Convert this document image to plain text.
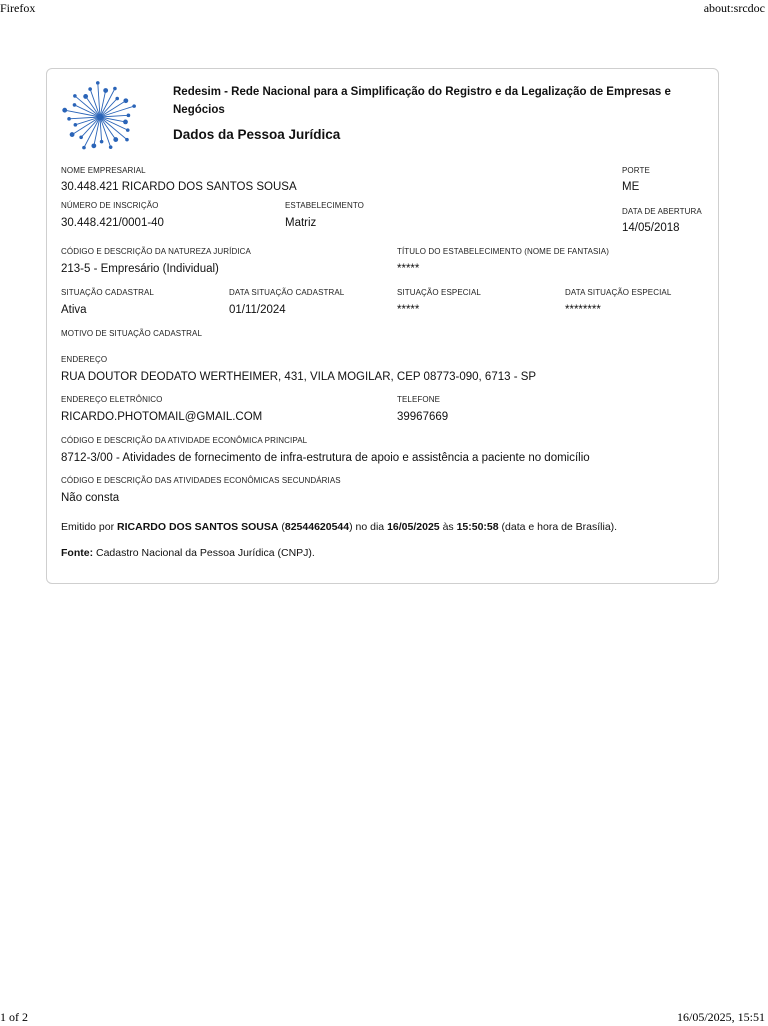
Firefox	about:srcdoc
Redesim - Rede Nacional para a Simplificação do Registro e da Legalização de Empresas e Negócios
Dados da Pessoa Jurídica
NOME EMPRESARIAL
30.448.421 RICARDO DOS SANTOS SOUSA
PORTE
ME
NÚMERO DE INSCRIÇÃO
30.448.421/0001-40
ESTABELECIMENTO
Matriz
DATA DE ABERTURA
14/05/2018
CÓDIGO E DESCRIÇÃO DA NATUREZA JURÍDICA
213-5 - Empresário (Individual)
TÍTULO DO ESTABELECIMENTO (NOME DE FANTASIA)
*****
SITUAÇÃO CADASTRAL
Ativa
DATA SITUAÇÃO CADASTRAL
01/11/2024
SITUAÇÃO ESPECIAL
*****
DATA SITUAÇÃO ESPECIAL
********
MOTIVO DE SITUAÇÃO CADASTRAL
ENDEREÇO
RUA DOUTOR DEODATO WERTHEIMER, 431, VILA MOGILAR, CEP 08773-090, 6713 - SP
ENDEREÇO ELETRÔNICO
RICARDO.PHOTOMAIL@GMAIL.COM
TELEFONE
39967669
CÓDIGO E DESCRIÇÃO DA ATIVIDADE ECONÔMICA PRINCIPAL
8712-3/00 - Atividades de fornecimento de infra-estrutura de apoio e assistência a paciente no domicílio
CÓDIGO E DESCRIÇÃO DAS ATIVIDADES ECONÔMICAS SECUNDÁRIAS
Não consta
Emitido por RICARDO DOS SANTOS SOUSA (82544620544) no dia 16/05/2025 às 15:50:58 (data e hora de Brasília).
Fonte: Cadastro Nacional da Pessoa Jurídica (CNPJ).
1 of 2	16/05/2025, 15:51
